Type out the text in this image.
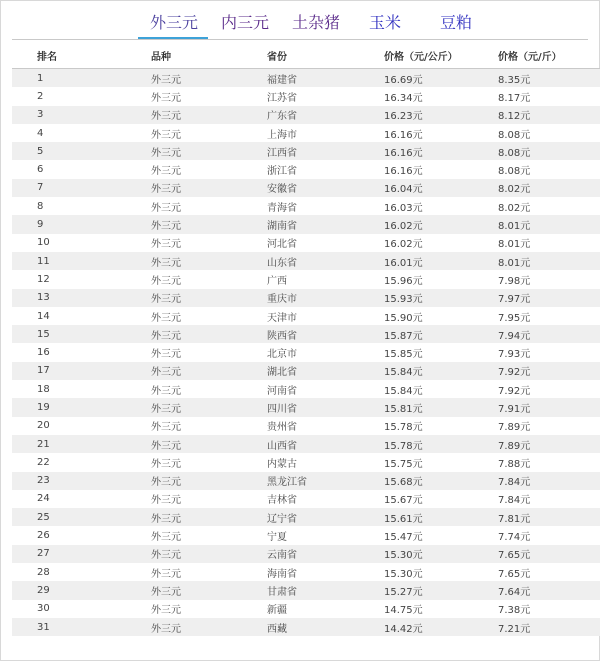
外三元 内三元 土杂猪 玉米 豆粕
排名	品种	省份	价格（元/公斤）	价格（元/斤）
1	外三元	福建省	16.69元	8.35元
2	外三元	江苏省	16.34元	8.17元
3	外三元	广东省	16.23元	8.12元
4	外三元	上海市	16.16元	8.08元
5	外三元	江西省	16.16元	8.08元
6	外三元	浙江省	16.16元	8.08元
7	外三元	安徽省	16.04元	8.02元
8	外三元	青海省	16.03元	8.02元
9	外三元	湖南省	16.02元	8.01元
10	外三元	河北省	16.02元	8.01元
11	外三元	山东省	16.01元	8.01元
12	外三元	广西	15.96元	7.98元
13	外三元	重庆市	15.93元	7.97元
14	外三元	天津市	15.90元	7.95元
15	外三元	陕西省	15.87元	7.94元
16	外三元	北京市	15.85元	7.93元
17	外三元	湖北省	15.84元	7.92元
18	外三元	河南省	15.84元	7.92元
19	外三元	四川省	15.81元	7.91元
20	外三元	贵州省	15.78元	7.89元
21	外三元	山西省	15.78元	7.89元
22	外三元	内蒙古	15.75元	7.88元
23	外三元	黑龙江省	15.68元	7.84元
24	外三元	吉林省	15.67元	7.84元
25	外三元	辽宁省	15.61元	7.81元
26	外三元	宁夏	15.47元	7.74元
27	外三元	云南省	15.30元	7.65元
28	外三元	海南省	15.30元	7.65元
29	外三元	甘肃省	15.27元	7.64元
30	外三元	新疆	14.75元	7.38元
31	外三元	西藏	14.42元	7.21元
